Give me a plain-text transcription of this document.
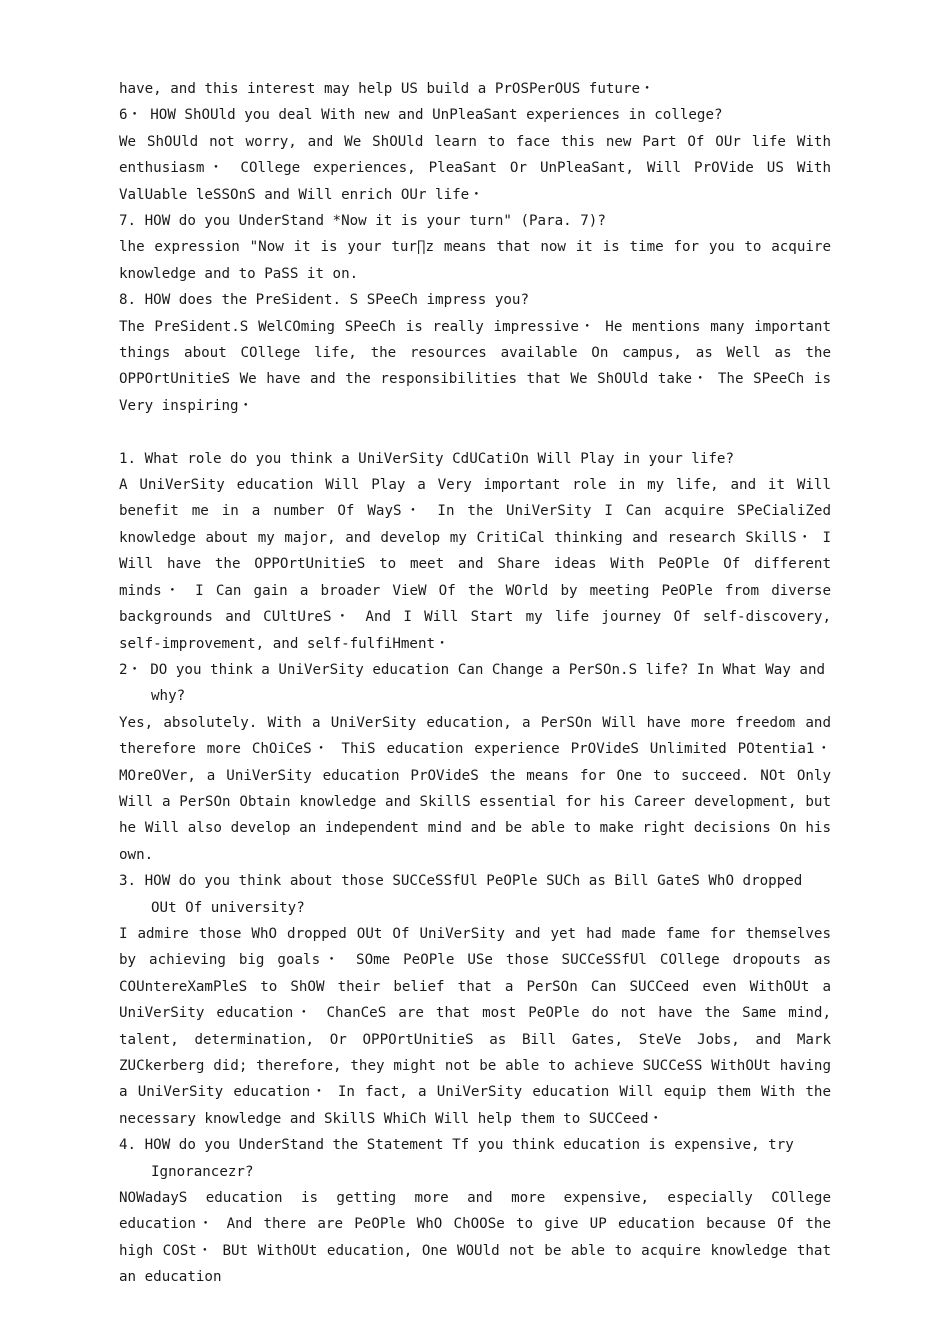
have, and this interest may help US build a PrOSPerOUS future・

6・ HOW ShOUld you deal With new and UnPleaSant experiences in college?

We ShOUld not worry, and We ShOUld learn to face this new Part Of OUr life With enthusiasm・ COllege experiences, PleaSant Or UnPleaSant, Will PrOVide US With ValUable leSSOnS and Will enrich OUr life・

7. HOW do you UnderStand *Now it is your turn" (Para. 7)?

lhe expression "Now it is your tur∏z means that now it is time for you to acquire knowledge and to PaSS it on.

8. HOW does the PreSident. S SPeeCh impress you?

The PreSident.S WelCOming SPeeCh is really impressive・ He mentions many important things about COllege life, the resources available On campus, as Well as the OPPOrtUnitieS We have and the responsibilities that We ShOUld take・ The SPeeCh is Very inspiring・

1. What role do you think a UniVerSity CdUCatiOn Will Play in your life?

A UniVerSity education Will Play a Very important role in my life, and it Will benefit me in a number Of WayS・ In the UniVerSity I Can acquire SPeCialiZed knowledge about my major, and develop my CritiCal thinking and research SkillS・ I Will have the OPPOrtUnitieS to meet and Share ideas With PeOPle Of different minds・ I Can gain a broader VieW Of the WOrld by meeting PeOPle from diverse backgrounds and CUltUreS・ And I Will Start my life journey Of self-discovery, self-improvement, and self-fulfiHment・

2・ DO you think a UniVerSity education Can Change a PerSOn.S life? In What Way and why?

Yes, absolutely. With a UniVerSity education, a PerSOn Will have more freedom and therefore more ChOiCeS・ ThiS education experience PrOVideS Unlimited POtentia1・ MOreOVer, a UniVerSity education PrOVideS the means for One to succeed. NOt Only Will a PerSOn Obtain knowledge and SkillS essential for his Career development, but he Will also develop an independent mind and be able to make right decisions On his own.

3. HOW do you think about those SUCCeSSfUl PeOPle SUCh as Bill GateS WhO dropped OUt Of university?

I admire those WhO dropped OUt Of UniVerSity and yet had made fame for themselves by achieving big goals・ SOme PeOPle USe those SUCCeSSfUl COllege dropouts as COUntereXamPleS to ShOW their belief that a PerSOn Can SUCCeed even WithOUt a UniVerSity education・ ChanCeS are that most PeOPle do not have the Same mind, talent, determination, Or OPPOrtUnitieS as Bill Gates, SteVe Jobs, and Mark ZUCkerberg did; therefore, they might not be able to achieve SUCCeSS WithOUt having a UniVerSity education・ In fact, a UniVerSity education Will equip them With the necessary knowledge and SkillS WhiCh Will help them to SUCCeed・

4. HOW do you UnderStand the Statement Tf you think education is expensive, try Ignorancezr?

NOWadayS education is getting more and more expensive, especially COllege education・ And there are PeOPle WhO ChOOSe to give UP education because Of the high COSt・ BUt WithOUt education, One WOUld not be able to acquire knowledge that an education
